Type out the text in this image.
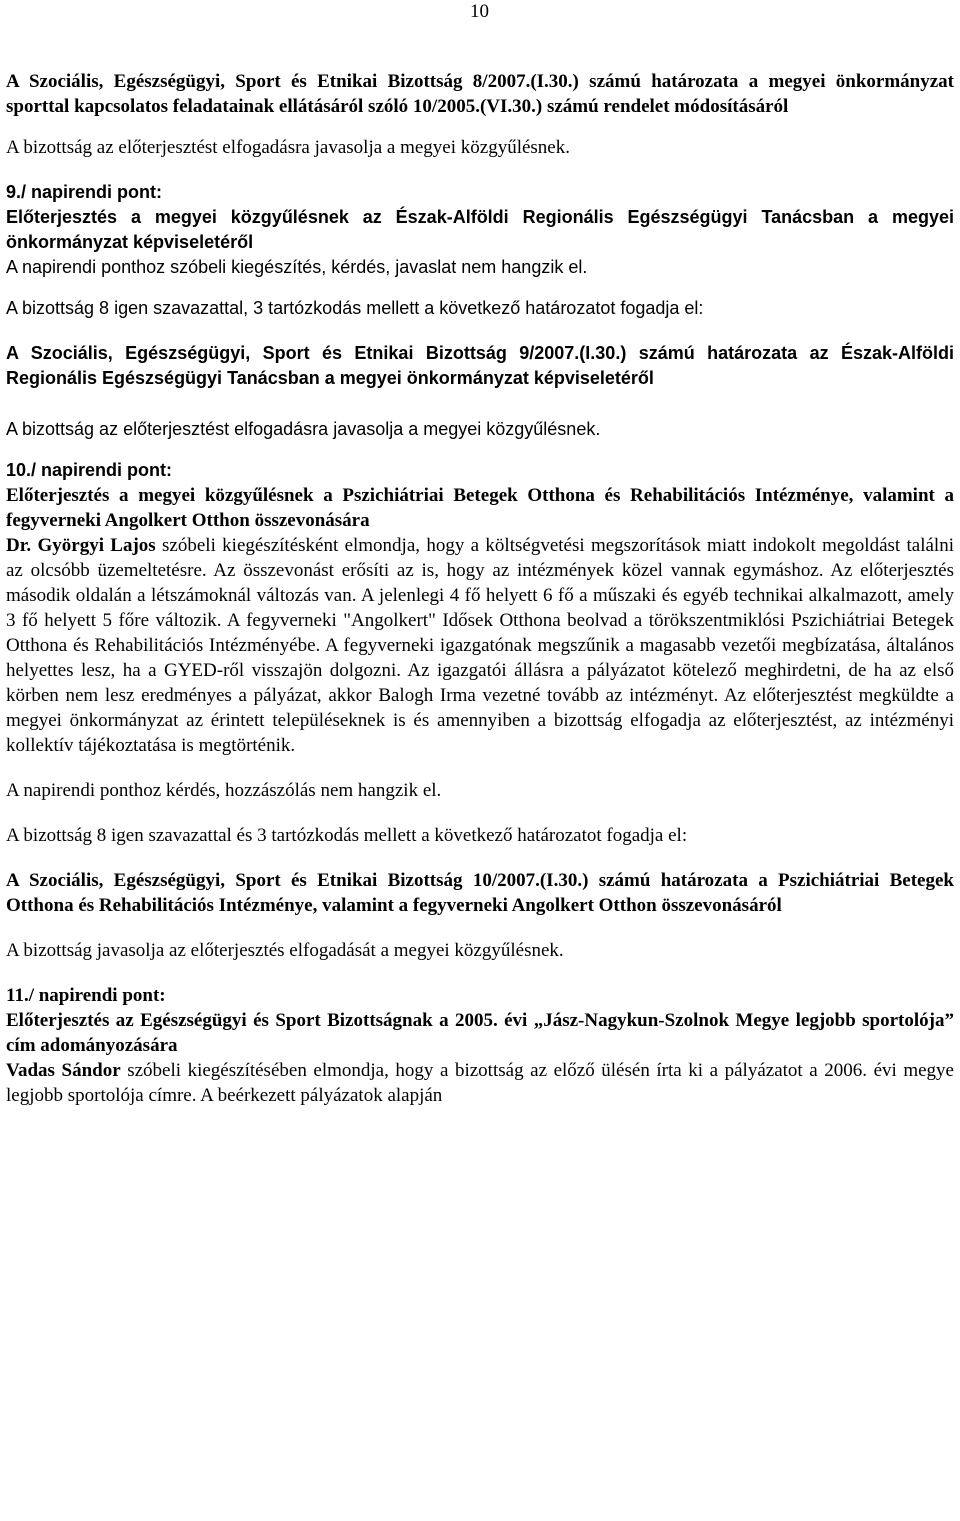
10

A Szociális, Egészségügyi, Sport és Etnikai Bizottság 8/2007.(I.30.) számú határozata a megyei önkormányzat sporttal kapcsolatos feladatainak ellátásáról szóló 10/2005.(VI.30.) számú rendelet módosításáról

A bizottság az előterjesztést elfogadásra javasolja a megyei közgyűlésnek.

9./ napirendi pont:

Előterjesztés a megyei közgyűlésnek az Észak-Alföldi Regionális Egészségügyi Tanácsban a megyei önkormányzat képviseletéről

A napirendi ponthoz szóbeli kiegészítés, kérdés, javaslat nem hangzik el.

A bizottság 8 igen szavazattal, 3 tartózkodás mellett a következő határozatot fogadja el:

A Szociális, Egészségügyi, Sport és Etnikai Bizottság 9/2007.(I.30.) számú határozata az Észak-Alföldi Regionális Egészségügyi Tanácsban a megyei önkormányzat képviseletéről

A bizottság az előterjesztést elfogadásra javasolja a megyei közgyűlésnek.

10./ napirendi pont:

Előterjesztés a megyei közgyűlésnek a Pszichiátriai Betegek Otthona és Rehabilitációs Intézménye, valamint a fegyverneki Angolkert Otthon összevonására

Dr. Györgyi Lajos szóbeli kiegészítésként elmondja, hogy a költségvetési megszorítások miatt indokolt megoldást találni az olcsóbb üzemeltetésre. Az összevonást erősíti az is, hogy az intézmények közel vannak egymáshoz. Az előterjesztés második oldalán a létszámoknál változás van. A jelenlegi 4 fő helyett 6 fő a műszaki és egyéb technikai alkalmazott, amely 3 fő helyett 5 főre változik. A fegyverneki "Angolkert" Idősek Otthona beolvad a törökszentmiklósi Pszichiátriai Betegek Otthona és Rehabilitációs Intézményébe. A fegyverneki igazgatónak megszűnik a magasabb vezetői megbízatása, általános helyettes lesz, ha a GYED-ről visszajön dolgozni. Az igazgatói állásra a pályázatot kötelező meghirdetni, de ha az első körben nem lesz eredményes a pályázat, akkor Balogh Irma vezetné tovább az intézményt. Az előterjesztést megküldte a megyei önkormányzat az érintett településeknek is és amennyiben a bizottság elfogadja az előterjesztést, az intézményi kollektív tájékoztatása is megtörténik.

A napirendi ponthoz kérdés, hozzászólás nem hangzik el.

A bizottság 8 igen szavazattal és 3 tartózkodás mellett a következő határozatot fogadja el:

A Szociális, Egészségügyi, Sport és Etnikai Bizottság 10/2007.(I.30.) számú határozata a Pszichiátriai Betegek Otthona és Rehabilitációs Intézménye, valamint a fegyverneki Angolkert Otthon összevonásáról

A bizottság javasolja az előterjesztés elfogadását a megyei közgyűlésnek.

11./ napirendi pont:

Előterjesztés az Egészségügyi és Sport Bizottságnak a 2005. évi „Jász-Nagykun-Szolnok Megye legjobb sportolója” cím adományozására

Vadas Sándor szóbeli kiegészítésében elmondja, hogy a bizottság az előző ülésén írta ki a pályázatot a 2006. évi megye legjobb sportolója címre. A beérkezett pályázatok alapján
